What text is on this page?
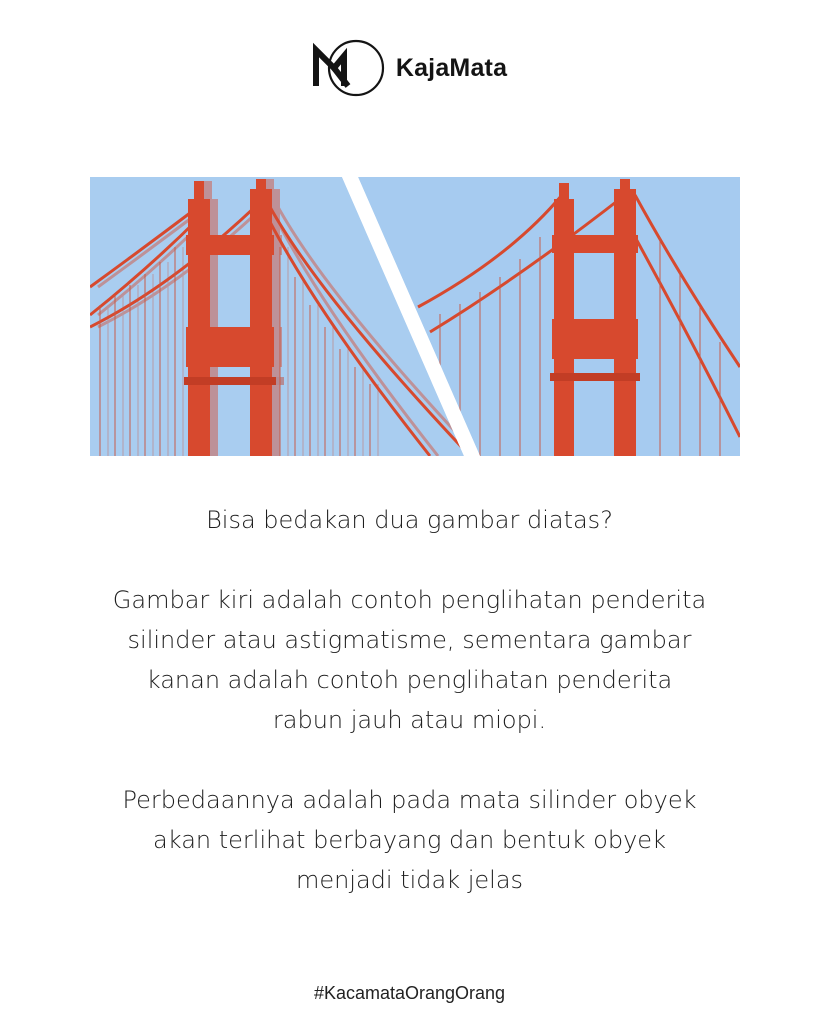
KajaMata

Bisa bedakan dua gambar diatas?

Gambar kiri adalah contoh penglihatan penderita
silinder atau astigmatisme, sementara gambar
kanan adalah contoh penglihatan penderita
rabun jauh atau miopi.

Perbedaannya adalah pada mata silinder obyek
akan terlihat berbayang dan bentuk obyek
menjadi tidak jelas

#KacamataOrangOrang
